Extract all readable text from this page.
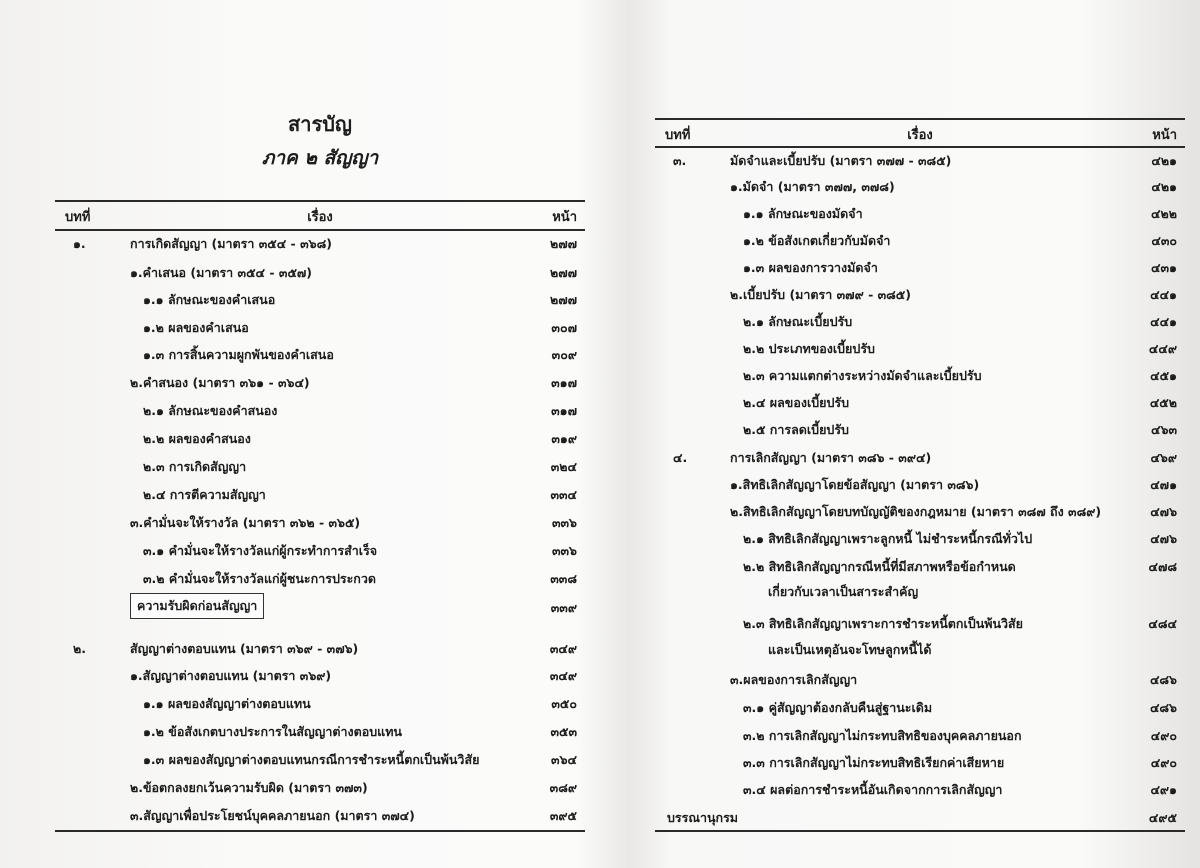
สารบัญ
ภาค ๒ สัญญา
บทที่	เรื่อง	หน้า
๑.	การเกิดสัญญา (มาตรา ๓๕๔ - ๓๖๘)	๒๗๗
๑.คำเสนอ (มาตรา ๓๕๔ - ๓๕๗)	๒๗๗
๑.๑ ลักษณะของคำเสนอ	๒๗๗
๑.๒ ผลของคำเสนอ	๓๐๗
๑.๓ การสิ้นความผูกพันของคำเสนอ	๓๐๙
๒.คำสนอง (มาตรา ๓๖๑ - ๓๖๔)	๓๑๗
๒.๑ ลักษณะของคำสนอง	๓๑๗
๒.๒ ผลของคำสนอง	๓๑๙
๒.๓ การเกิดสัญญา	๓๒๔
๒.๔ การตีความสัญญา	๓๓๔
๓.คำมั่นจะให้รางวัล (มาตรา ๓๖๒ - ๓๖๕)	๓๓๖
๓.๑ คำมั่นจะให้รางวัลแก่ผู้กระทำการสำเร็จ	๓๓๖
๓.๒ คำมั่นจะให้รางวัลแก่ผู้ชนะการประกวด	๓๓๘
ความรับผิดก่อนสัญญา	๓๓๙
๒.	สัญญาต่างตอบแทน (มาตรา ๓๖๙ - ๓๗๖)	๓๔๙
๑.สัญญาต่างตอบแทน (มาตรา ๓๖๙)	๓๔๙
๑.๑ ผลของสัญญาต่างตอบแทน	๓๕๐
๑.๒ ข้อสังเกตบางประการในสัญญาต่างตอบแทน	๓๕๓
๑.๓ ผลของสัญญาต่างตอบแทนกรณีการชำระหนี้ตกเป็นพ้นวิสัย	๓๖๔
๒.ข้อตกลงยกเว้นความรับผิด (มาตรา ๓๗๓)	๓๘๙
๓.สัญญาเพื่อประโยชน์บุคคลภายนอก (มาตรา ๓๗๔)	๓๙๕
บทที่	เรื่อง	หน้า
๓.	มัดจำและเบี้ยปรับ (มาตรา ๓๗๗ - ๓๘๕)	๔๒๑
๑.มัดจำ (มาตรา ๓๗๗, ๓๗๘)	๔๒๑
๑.๑ ลักษณะของมัดจำ	๔๒๒
๑.๒ ข้อสังเกตเกี่ยวกับมัดจำ	๔๓๐
๑.๓ ผลของการวางมัดจำ	๔๓๑
๒.เบี้ยปรับ (มาตรา ๓๗๙ - ๓๘๕)	๔๔๑
๒.๑ ลักษณะเบี้ยปรับ	๔๔๑
๒.๒ ประเภทของเบี้ยปรับ	๔๔๙
๒.๓ ความแตกต่างระหว่างมัดจำและเบี้ยปรับ	๔๕๑
๒.๔ ผลของเบี้ยปรับ	๔๕๒
๒.๕ การลดเบี้ยปรับ	๔๖๓
๔.	การเลิกสัญญา (มาตรา ๓๘๖ - ๓๙๔)	๔๖๙
๑.สิทธิเลิกสัญญาโดยข้อสัญญา (มาตรา ๓๘๖)	๔๗๑
๒.สิทธิเลิกสัญญาโดยบทบัญญัติของกฎหมาย (มาตรา ๓๘๗ ถึง ๓๘๙)	๔๗๖
๒.๑ สิทธิเลิกสัญญาเพราะลูกหนี้ ไม่ชำระหนี้กรณีทั่วไป	๔๗๖
๒.๒ สิทธิเลิกสัญญากรณีหนี้ที่มีสภาพหรือข้อกำหนด	๔๗๘
เกี่ยวกับเวลาเป็นสาระสำคัญ
๒.๓ สิทธิเลิกสัญญาเพราะการชำระหนี้ตกเป็นพ้นวิสัย	๔๘๔
และเป็นเหตุอันจะโทษลูกหนี้ได้
๓.ผลของการเลิกสัญญา	๔๘๖
๓.๑ คู่สัญญาต้องกลับคืนสู่ฐานะเดิม	๔๘๖
๓.๒ การเลิกสัญญาไม่กระทบสิทธิของบุคคลภายนอก	๔๙๐
๓.๓ การเลิกสัญญาไม่กระทบสิทธิเรียกค่าเสียหาย	๔๙๐
๓.๔ ผลต่อการชำระหนี้อันเกิดจากการเลิกสัญญา	๔๙๑
บรรณานุกรม	๔๙๕
